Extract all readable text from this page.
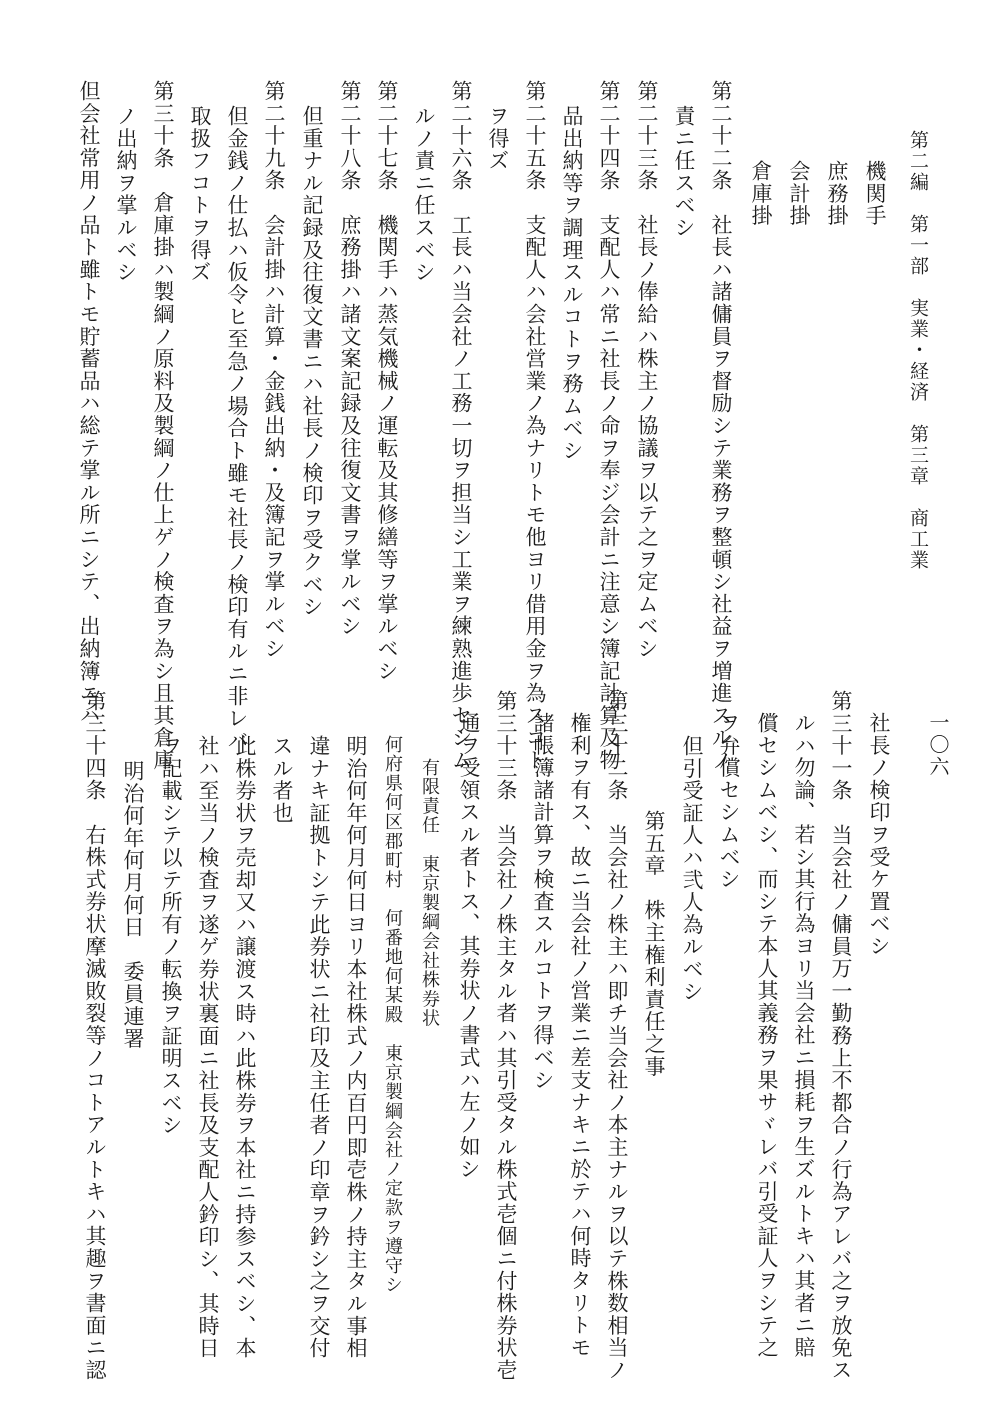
第二編　第一部　実業・経済　第三章　商工業
一〇六
機関手
庶務掛
会計掛
倉庫掛
第二十二条　社長ハ諸傭員ヲ督励シテ業務ヲ整頓シ社益ヲ増進スルノ
責ニ任スベシ
第二十三条　社長ノ俸給ハ株主ノ協議ヲ以テ之ヲ定ムベシ
第二十四条　支配人ハ常ニ社長ノ命ヲ奉ジ会計ニ注意シ簿記計算及物
品出納等ヲ調理スルコトヲ務ムベシ
第二十五条　支配人ハ会社営業ノ為ナリトモ他ヨリ借用金ヲ為スコト
ヲ得ズ
第二十六条　工長ハ当会社ノ工務一切ヲ担当シ工業ヲ練熟進歩セシム
ルノ責ニ任スベシ
第二十七条　機関手ハ蒸気機械ノ運転及其修繕等ヲ掌ルベシ
第二十八条　庶務掛ハ諸文案記録及往復文書ヲ掌ルベシ
但重ナル記録及往復文書ニハ社長ノ検印ヲ受クベシ
第二十九条　会計掛ハ計算・金銭出納・及簿記ヲ掌ルベシ
但金銭ノ仕払ハ仮令ヒ至急ノ場合ト雖モ社長ノ検印有ルニ非レバ
取扱フコトヲ得ズ
第三十条　倉庫掛ハ製綱ノ原料及製綱ノ仕上ゲノ検査ヲ為シ且其倉庫
ノ出納ヲ掌ルベシ
但会社常用ノ品ト雖トモ貯蓄品ハ総テ掌ル所ニシテ、出納簿ニハ
社長ノ検印ヲ受ケ置ベシ
第三十一条　当会社ノ傭員万一勤務上不都合ノ行為アレバ之ヲ放免ス
ルハ勿論、若シ其行為ヨリ当会社ニ損耗ヲ生ズルトキハ其者ニ賠
償セシムベシ、而シテ本人其義務ヲ果サヾレバ引受証人ヲシテ之
ヲ弁償セシムベシ
但引受証人ハ弐人為ルベシ
第五章　株主権利責任之事
第三十二条　当会社ノ株主ハ即チ当会社ノ本主ナルヲ以テ株数相当ノ
権利ヲ有ス、故ニ当会社ノ営業ニ差支ナキニ於テハ何時タリトモ
諸帳簿諸計算ヲ検査スルコトヲ得ベシ
第三十三条　当会社ノ株主タル者ハ其引受タル株式壱個ニ付株券状壱
通ヲ受領スル者トス、其券状ノ書式ハ左ノ如シ
有限責任　東京製綱会社株券状
何府県何区郡町村　何番地何某殿　東京製綱会社ノ定款ヲ遵守シ
明治何年何月何日ヨリ本社株式ノ内百円即壱株ノ持主タル事相
違ナキ証拠トシテ此券状ニ社印及主任者ノ印章ヲ鈐シ之ヲ交付
スル者也
此株券状ヲ売却又ハ譲渡ス時ハ此株券ヲ本社ニ持参スベシ、本
社ハ至当ノ検査ヲ遂ゲ券状裏面ニ社長及支配人鈐印シ、其時日
ヲ記載シテ以テ所有ノ転換ヲ証明スベシ
明治何年何月何日　委員連署
第三十四条　右株式券状摩滅敗裂等ノコトアルトキハ其趣ヲ書面ニ認
